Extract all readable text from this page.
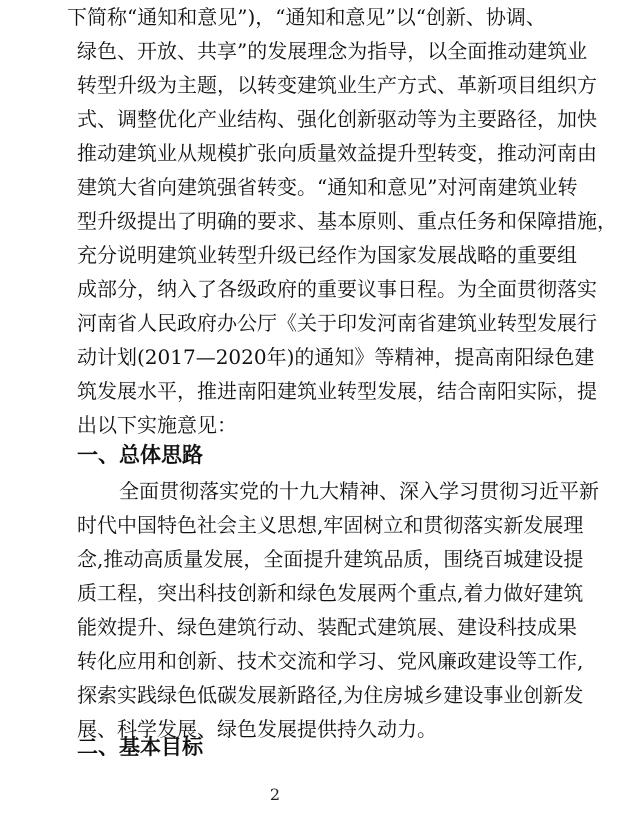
下简称“通知和意见”)，“通知和意见”以“创新、协调、
绿色、开放、共享”的发展理念为指导，以全面推动建筑业
转型升级为主题，以转变建筑业生产方式、革新项目组织方
式、调整优化产业结构、强化创新驱动等为主要路径，加快
推动建筑业从规模扩张向质量效益提升型转变，推动河南由
建筑大省向建筑强省转变。“通知和意见”对河南建筑业转
型升级提出了明确的要求、基本原则、重点任务和保障措施，
充分说明建筑业转型升级已经作为国家发展战略的重要组
成部分，纳入了各级政府的重要议事日程。为全面贯彻落实
河南省人民政府办公厅《关于印发河南省建筑业转型发展行
动计划(2017—2020年)的通知》等精神，提高南阳绿色建
筑发展水平，推进南阳建筑业转型发展，结合南阳实际，提
出以下实施意见：
一、总体思路
全面贯彻落实党的十九大精神、深入学习贯彻习近平新
时代中国特色社会主义思想,牢固树立和贯彻落实新发展理
念,推动高质量发展，全面提升建筑品质，围绕百城建设提
质工程，突出科技创新和绿色发展两个重点,着力做好建筑
能效提升、绿色建筑行动、装配式建筑展、建设科技成果
转化应用和创新、技术交流和学习、党风廉政建设等工作,
探索实践绿色低碳发展新路径,为住房城乡建设事业创新发
展、科学发展、绿色发展提供持久动力。
二、基本目标
2
